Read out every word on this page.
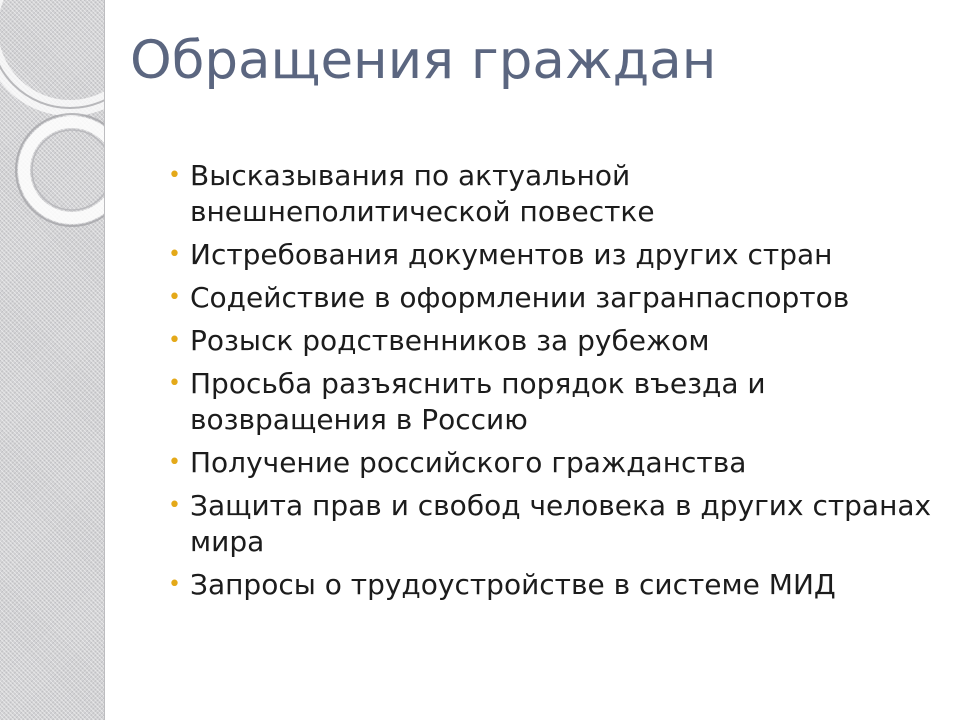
Обращения граждан
• Высказывания по актуальной внешнеполитической повестке
• Истребования документов из других стран
• Содействие в оформлении загранпаспортов
• Розыск родственников за рубежом
• Просьба разъяснить порядок въезда и возвращения в Россию
• Получение российского гражданства
• Защита прав и свобод человека в других странах мира
• Запросы о трудоустройстве в системе МИД
